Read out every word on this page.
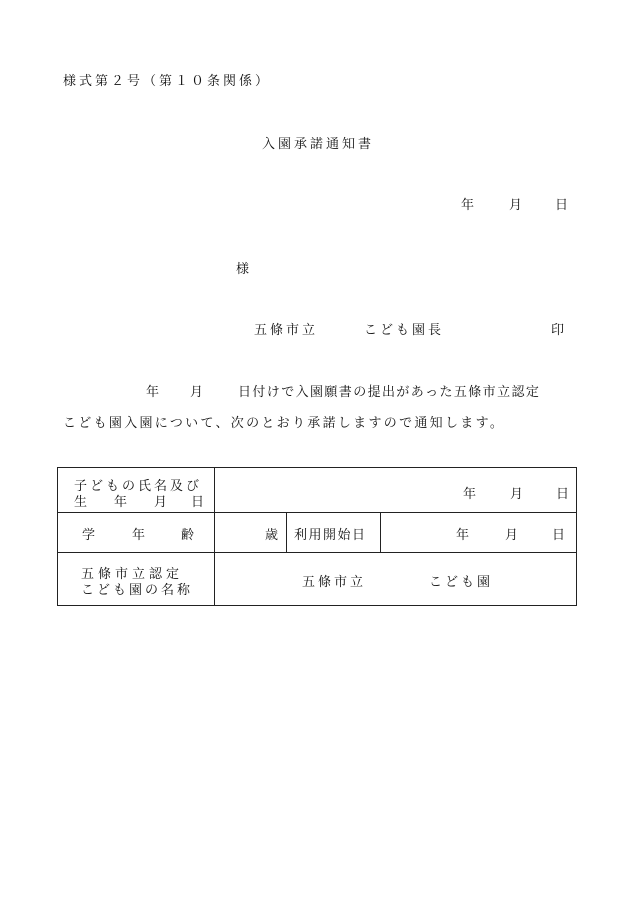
様式第２号（第１０条関係）
入園承諾通知書
年	月	日
様
五條市立	こども園長	印
年 月	日付けで入園願書の提出があった五條市立認定
こども園入園について、次のとおり承諾しますので通知します。
子どもの氏名及び
生 年 月 日
年	月	日
学	年	齢	歳 利用開始日	年	月	日
五條市立認定
こども園の名称
五條市立	こども園
